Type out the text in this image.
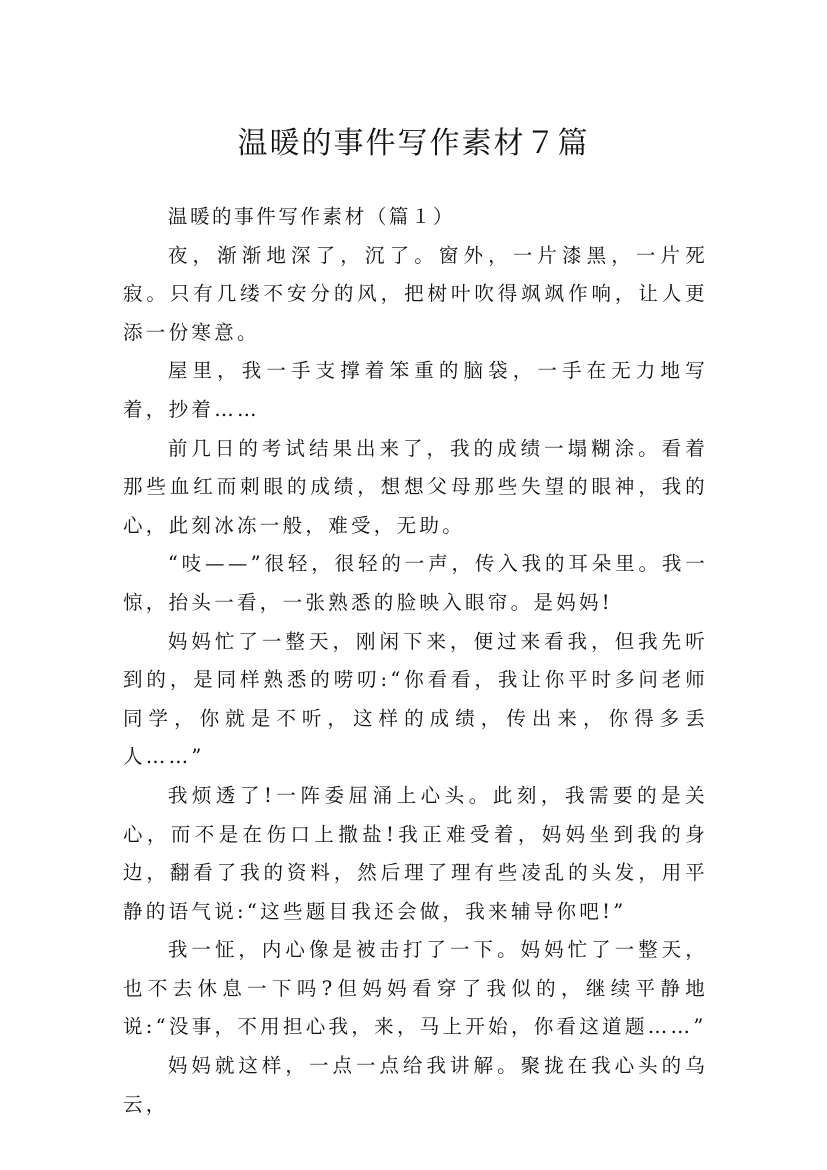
温暖的事件写作素材７篇

温暖的事件写作素材（篇１）

夜，渐渐地深了，沉了。窗外，一片漆黑，一片死寂。只有几缕不安分的风，把树叶吹得飒飒作响，让人更添一份寒意。

屋里，我一手支撑着笨重的脑袋，一手在无力地写着，抄着……

前几日的考试结果出来了，我的成绩一塌糊涂。看着那些血红而刺眼的成绩，想想父母那些失望的眼神，我的心，此刻冰冻一般，难受，无助。

“吱——”很轻，很轻的一声，传入我的耳朵里。我一惊，抬头一看，一张熟悉的脸映入眼帘。是妈妈!

妈妈忙了一整天，刚闲下来，便过来看我，但我先听到的，是同样熟悉的唠叨:“你看看，我让你平时多问老师同学，你就是不听，这样的成绩，传出来，你得多丢人……”

我烦透了!一阵委屈涌上心头。此刻，我需要的是关心，而不是在伤口上撒盐!我正难受着，妈妈坐到我的身边，翻看了我的资料，然后理了理有些凌乱的头发，用平静的语气说:“这些题目我还会做，我来辅导你吧!”

我一怔，内心像是被击打了一下。妈妈忙了一整天，也不去休息一下吗?但妈妈看穿了我似的，继续平静地说:“没事，不用担心我，来，马上开始，你看这道题……”

妈妈就这样，一点一点给我讲解。聚拢在我心头的乌云，
